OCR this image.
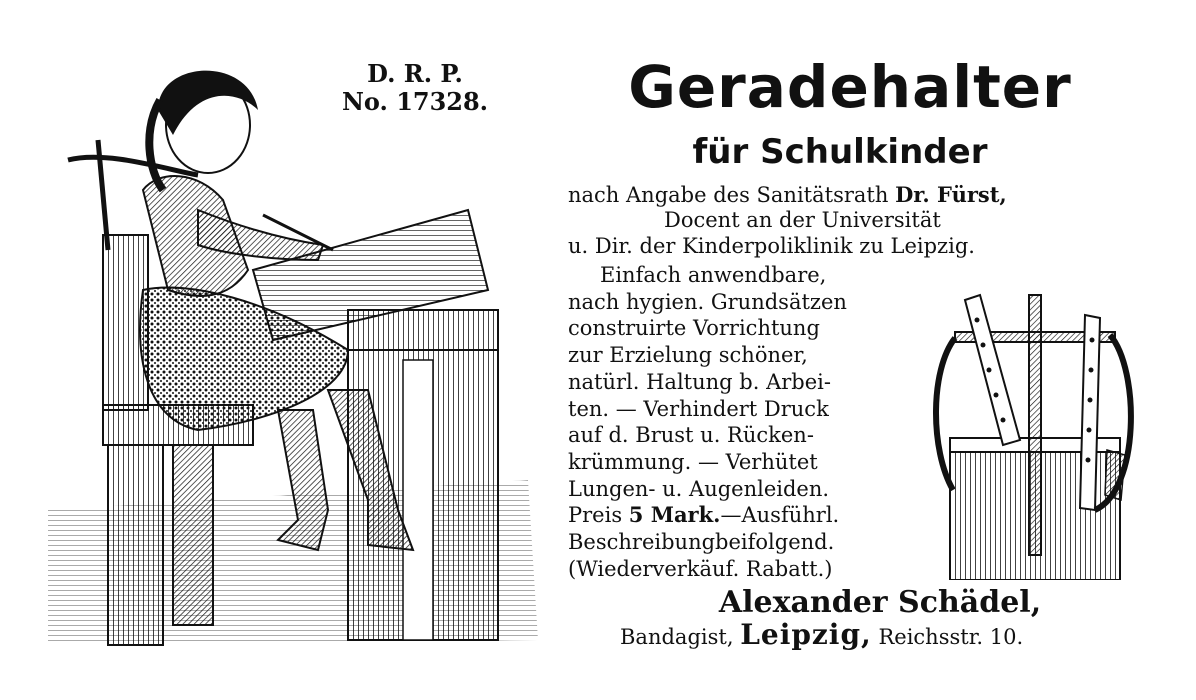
D. R. P.
No. 17328.	Geradehalter
für Schulkinder
nach Angabe des Sanitätsrath Dr. Fürst,
Docent an der Universität
u. Dir. der Kinderpoliklinik zu Leipzig.
Einfach anwendbare,
nach hygien. Grundsätzen
construirte Vorrichtung
zur Erzielung schöner,
natürl. Haltung b. Arbei-
ten. — Verhindert Druck
auf d. Brust u. Rücken-
krümmung. — Verhütet
Lungen- u. Augenleiden.
Preis 5 Mark.—Ausführl.
Beschreibungbeifolgend.
(Wiederverkäuf. Rabatt.)
Alexander Schädel,
Bandagist, Leipzig, Reichsstr. 10.
